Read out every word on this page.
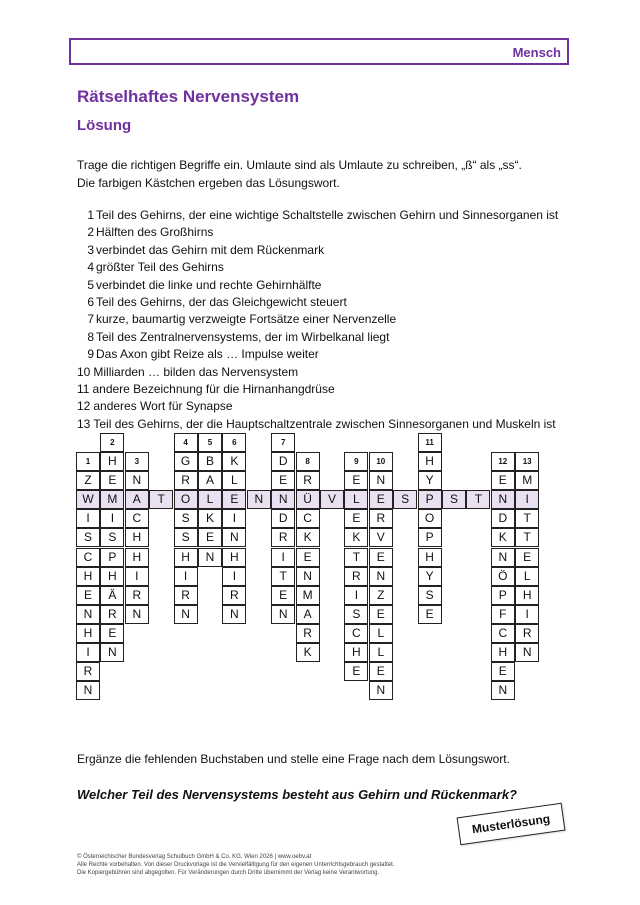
Mensch
Rätselhaftes Nervensystem
Lösung
Trage die richtigen Begriffe ein. Umlaute sind als Umlaute zu schreiben, „ß“ als „ss“.
Die farbigen Kästchen ergeben das Lösungswort.
1 Teil des Gehirns, der eine wichtige Schaltstelle zwischen Gehirn und Sinnesorganen ist
2 Hälften des Großhirns
3 verbindet das Gehirn mit dem Rückenmark
4 größter Teil des Gehirns
5 verbindet die linke und rechte Gehirnhälfte
6 Teil des Gehirns, der das Gleichgewicht steuert
7 kurze, baumartig verzweigte Fortsätze einer Nervenzelle
8 Teil des Zentralnervensystems, der im Wirbelkanal liegt
9 Das Axon gibt Reize als … Impulse weiter
10 Milliarden … bilden das Nervensystem
11 andere Bezeichnung für die Hirnanhangdrüse
12 anderes Wort für Synapse
13 Teil des Gehirns, der die Hauptschaltzentrale zwischen Sinnesorganen und Muskeln ist
1
Z
W
I
S
C
H
E
N
H
I
R
N
2
H
E
M
I
S
P
H
Ä
R
E
N
3
N
A
C
H
H
I
R
N
T
4
G
R
O
S
S
H
I
R
N
5
B
A
L
K
E
N
6
K
L
E
I
N
H
I
R
N
N
7
D
E
N
D
R
I
T
E
N
8
R
Ü
C
K
E
N
M
A
R
K
V
9
E
L
E
K
T
R
I
S
C
H
E
10
N
E
R
V
E
N
Z
E
L
L
E
N
S
11
H
Y
P
O
P
H
Y
S
E
S	T
12
E
N
D
K
N
Ö
P
F
C
H
E
N
13
M
I
T
T
E
L
H
I
R
N
Ergänze die fehlenden Buchstaben und stelle eine Frage nach dem Lösungswort.
Welcher Teil des Nervensystems besteht aus Gehirn und Rückenmark?
Musterlösung
© Österreichischer Bundesverlag Schulbuch GmbH & Co. KG, Wien 2026 | www.oebv.at
Alle Rechte vorbehalten. Von dieser Druckvorlage ist die Vervielfältigung für den eigenen Unterrichtsgebrauch gestattet.
Die Kopiergebühren sind abgegolten. Für Veränderungen durch Dritte übernimmt der Verlag keine Verantwortung.
